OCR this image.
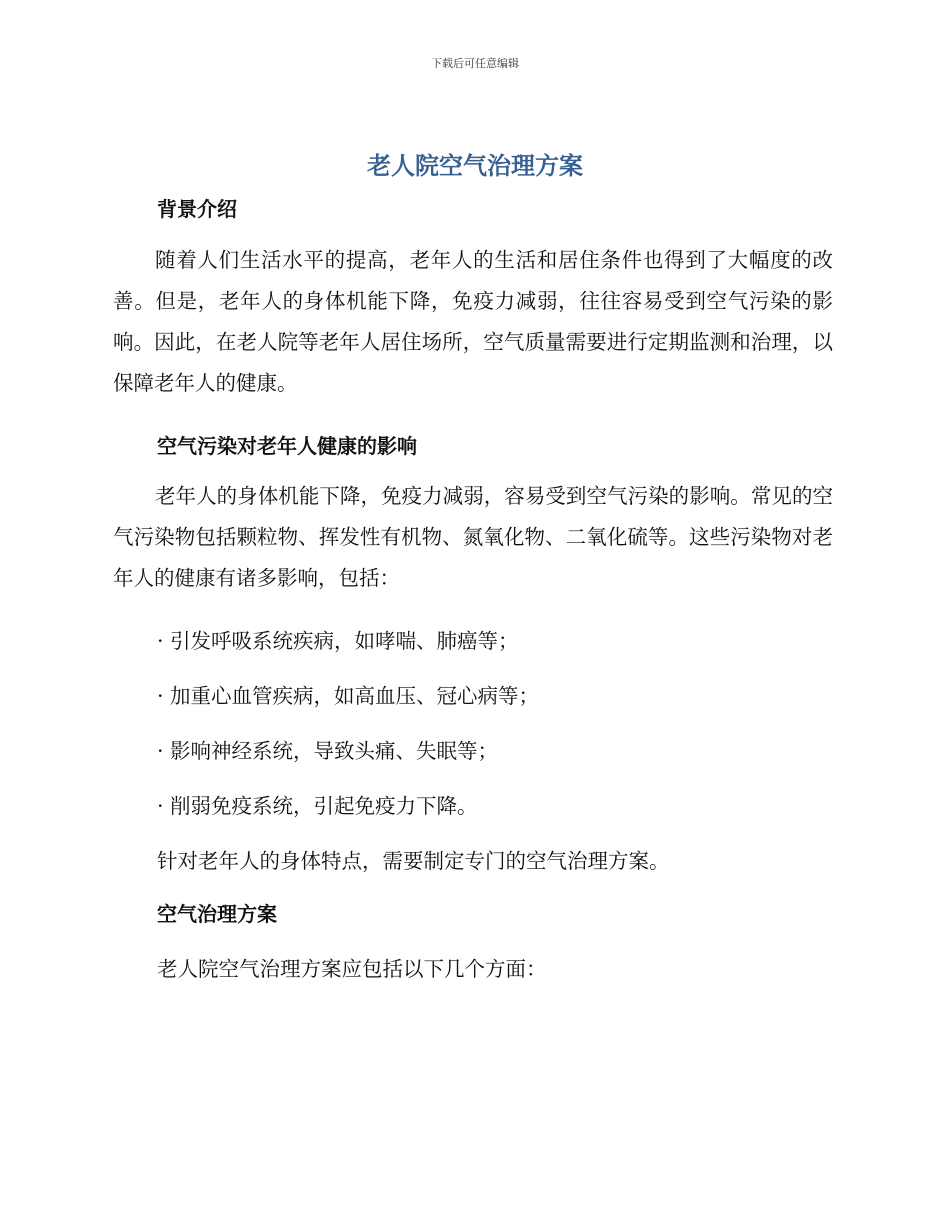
下载后可任意编辑
老人院空气治理方案
背景介绍

随着人们生活水平的提高，老年人的生活和居住条件也得到了大幅度的改善。但是，老年人的身体机能下降，免疫力减弱，往往容易受到空气污染的影响。因此，在老人院等老年人居住场所，空气质量需要进行定期监测和治理，以保障老年人的健康。

空气污染对老年人健康的影响

老年人的身体机能下降，免疫力减弱，容易受到空气污染的影响。常见的空气污染物包括颗粒物、挥发性有机物、氮氧化物、二氧化硫等。这些污染物对老年人的健康有诸多影响，包括：

· 引发呼吸系统疾病，如哮喘、肺癌等；
· 加重心血管疾病，如高血压、冠心病等；
· 影响神经系统，导致头痛、失眠等；
· 削弱免疫系统，引起免疫力下降。
针对老年人的身体特点，需要制定专门的空气治理方案。
空气治理方案
老人院空气治理方案应包括以下几个方面：
